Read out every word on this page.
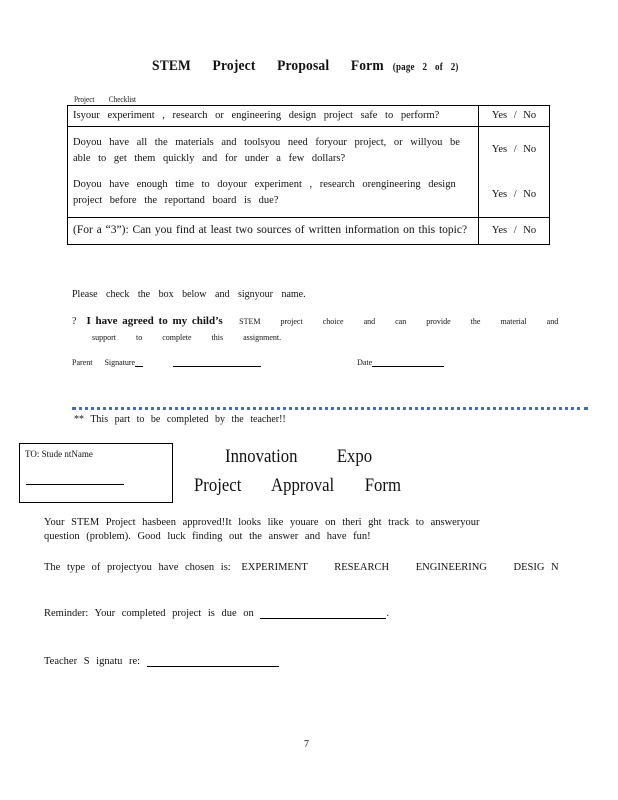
STEM Project Proposal Form (page 2 of 2)
Project Checklist
Isyour experiment , research or engineering design project safe to perform?	Yes / No
Doyou have all the materials and toolsyou need foryour project, or willyou be able to get them quickly and for under a few dollars?	Yes / No
Doyou have enough time to doyour experiment , research orengineering design project before the reportand board is due?	Yes / No
(For a “3”): Can you find at least two sources of written information on this topic?	Yes / No
Please check the box below and signyour name.
? I have agreed to my child’s STEM project choice and can provide the material and
support to complete this assignment.
Parent Signature	Date
** This part to be completed by the teacher!!
TO: Stude ntName	Innovation Expo
Project Approval Form
Your STEM Project hasbeen approved!It looks like youare on theri ght track to answeryour
question (problem). Good luck finding out the answer and have fun!
The type of projectyou have chosen is: EXPERIMENT	RESEARCH	ENGINEERING	DESIG N
Reminder: Your completed project is due on	.
Teacher S ignatu re:
7
